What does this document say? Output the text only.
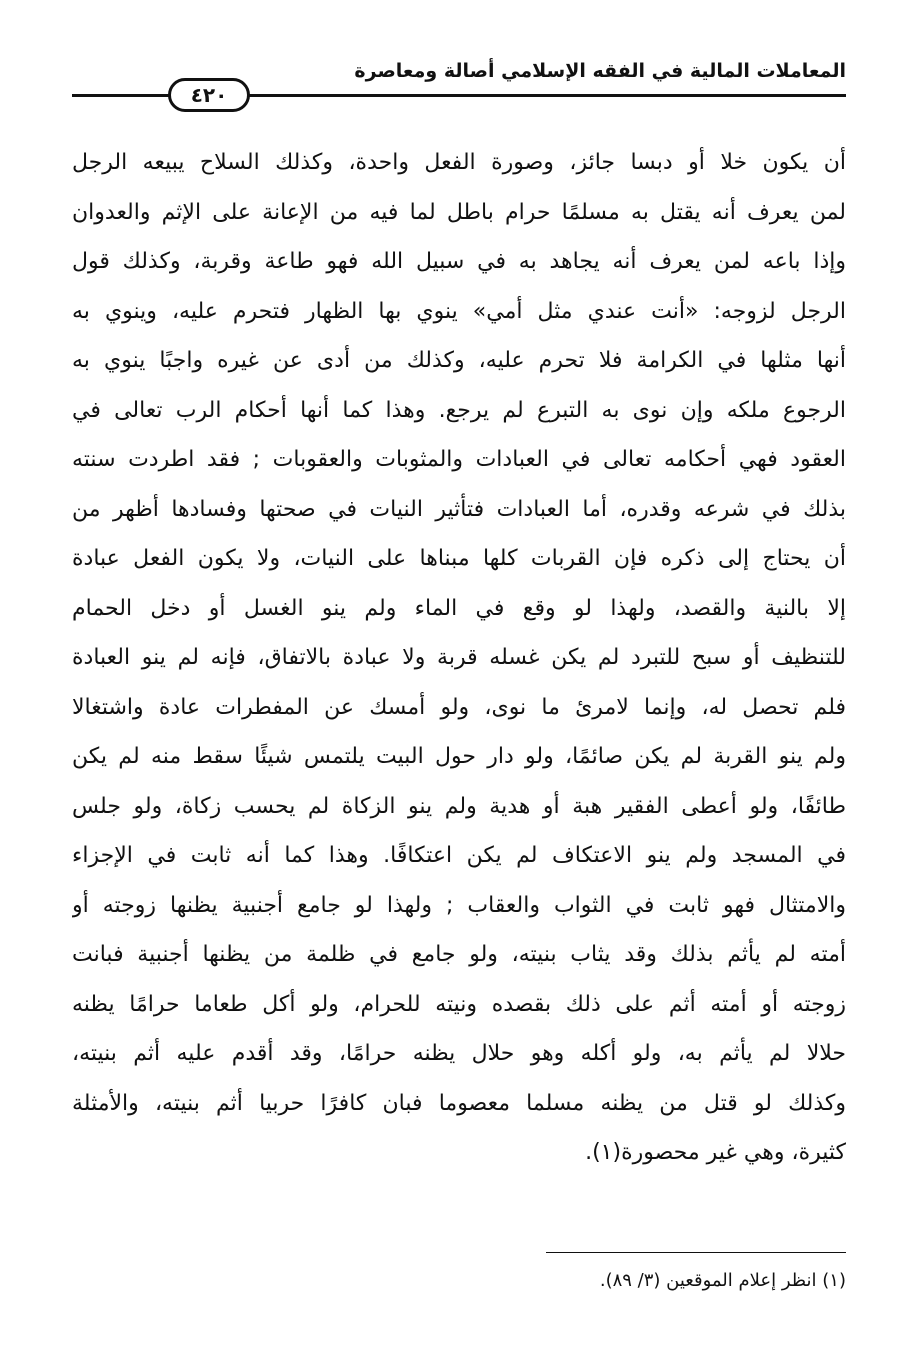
المعاملات المالية في الفقه الإسلامي أصالة ومعاصرة
٤٢٠
أن يكون خلا أو دبسا جائز، وصورة الفعل واحدة، وكذلك السلاح يبيعه الرجل
لمن يعرف أنه يقتل به مسلمًا حرام باطل لما فيه من الإعانة على الإثم والعدوان
وإذا باعه لمن يعرف أنه يجاهد به في سبيل الله فهو طاعة وقربة، وكذلك قول
الرجل لزوجه: «أنت عندي مثل أمي» ينوي بها الظهار فتحرم عليه، وينوي به
أنها مثلها في الكرامة فلا تحرم عليه، وكذلك من أدى عن غيره واجبًا ينوي به
الرجوع ملكه وإن نوى به التبرع لم يرجع. وهذا كما أنها أحكام الرب تعالى في
العقود فهي أحكامه تعالى في العبادات والمثوبات والعقوبات ; فقد اطردت سنته
بذلك في شرعه وقدره، أما العبادات فتأثير النيات في صحتها وفسادها أظهر من
أن يحتاج إلى ذكره فإن القربات كلها مبناها على النيات، ولا يكون الفعل عبادة
إلا بالنية والقصد، ولهذا لو وقع في الماء ولم ينو الغسل أو دخل الحمام
للتنظيف أو سبح للتبرد لم يكن غسله قربة ولا عبادة بالاتفاق، فإنه لم ينو العبادة
فلم تحصل له، وإنما لامرئ ما نوى، ولو أمسك عن المفطرات عادة واشتغالا
ولم ينو القربة لم يكن صائمًا، ولو دار حول البيت يلتمس شيئًا سقط منه لم يكن
طائفًا، ولو أعطى الفقير هبة أو هدية ولم ينو الزكاة لم يحسب زكاة، ولو جلس
في المسجد ولم ينو الاعتكاف لم يكن اعتكافًا. وهذا كما أنه ثابت في الإجزاء
والامتثال فهو ثابت في الثواب والعقاب ; ولهذا لو جامع أجنبية يظنها زوجته أو
أمته لم يأثم بذلك وقد يثاب بنيته، ولو جامع في ظلمة من يظنها أجنبية فبانت
زوجته أو أمته أثم على ذلك بقصده ونيته للحرام، ولو أكل طعاما حرامًا يظنه
حلالا لم يأثم به، ولو أكله وهو حلال يظنه حرامًا، وقد أقدم عليه أثم بنيته،
وكذلك لو قتل من يظنه مسلما معصوما فبان كافرًا حربيا أثم بنيته، والأمثلة
كثيرة، وهي غير محصورة(١).
(١) انظر إعلام الموقعين (٣/ ٨٩).
